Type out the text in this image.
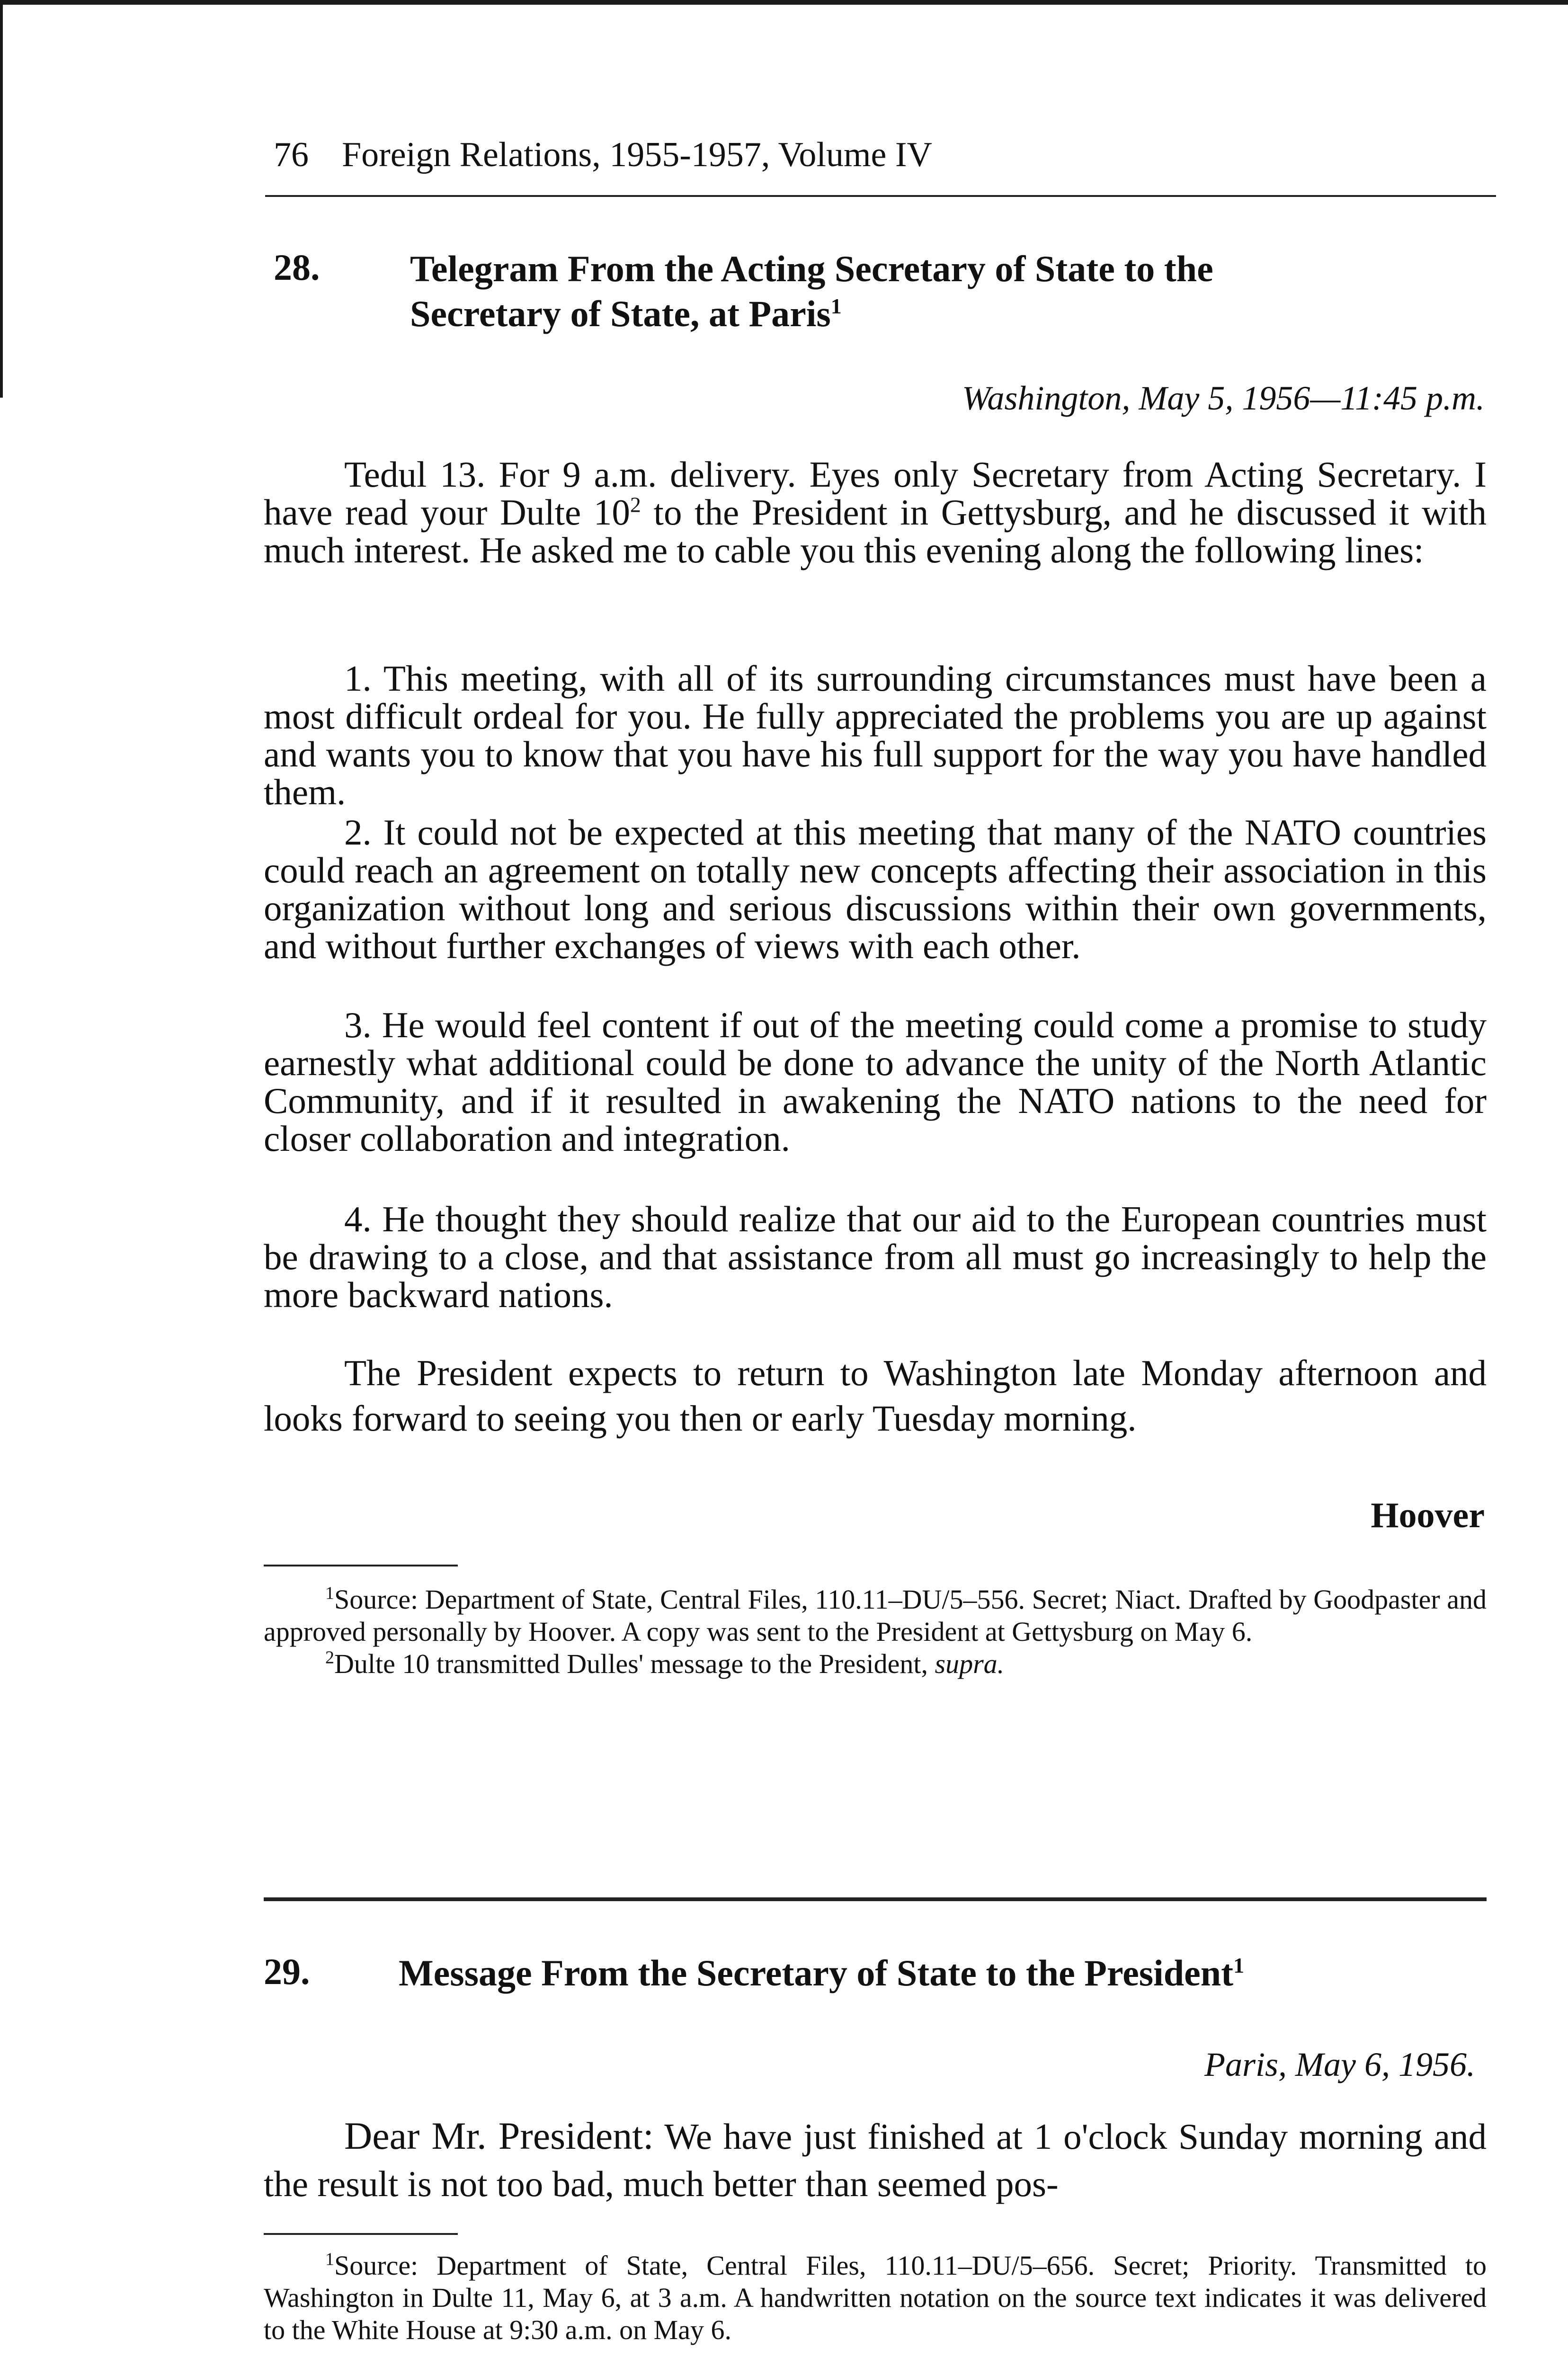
76 Foreign Relations, 1955-1957, Volume IV
28. Telegram From the Acting Secretary of State to the
Secretary of State, at Paris$^1$
Washington, May 5, 1956—11:45 p.m.

Tedul 13. For 9 a.m. delivery. Eyes only Secretary from Acting Secretary. I have read your Dulte $10^2$ to the President in Gettysburg, and he discussed it with much interest. He asked me to cable you this evening along the following lines:

1. This meeting, with all of its surrounding circumstances must have been a most difficult ordeal for you. He fully appreciated the problems you are up against and wants you to know that you have his full support for the way you have handled them.

2. It could not be expected at this meeting that many of the NATO countries could reach an agreement on totally new concepts affecting their association in this organization without long and serious discussions within their own governments, and without further exchanges of views with each other.

3. He would feel content if out of the meeting could come a promise to study earnestly what additional could be done to advance the unity of the North Atlantic Community, and if it resulted in awakening the NATO nations to the need for closer collaboration and integration.

4. He thought they should realize that our aid to the European countries must be drawing to a close, and that assistance from all must go increasingly to help the more backward nations.

The President expects to return to Washington late Monday afternoon and looks forward to seeing you then or early Tuesday morning.

Hoover
$^1$Source: Department of State, Central Files, 110.11–DU/5–556. Secret; Niact. Drafted by Goodpaster and approved personally by Hoover. A copy was sent to the President at Gettysburg on May 6.
$^2$Dulte 10 transmitted Dulles' message to the President, supra.
29. Message From the Secretary of State to the President$^1$
Paris, May 6, 1956.

Dear Mr. President: We have just finished at 1 o'clock Sunday morning and the result is not too bad, much better than seemed pos-

$^1$Source: Department of State, Central Files, 110.11–DU/5–656. Secret; Priority. Transmitted to Washington in Dulte 11, May 6, at 3 a.m. A handwritten notation on the source text indicates it was delivered to the White House at 9:30 a.m. on May 6.
